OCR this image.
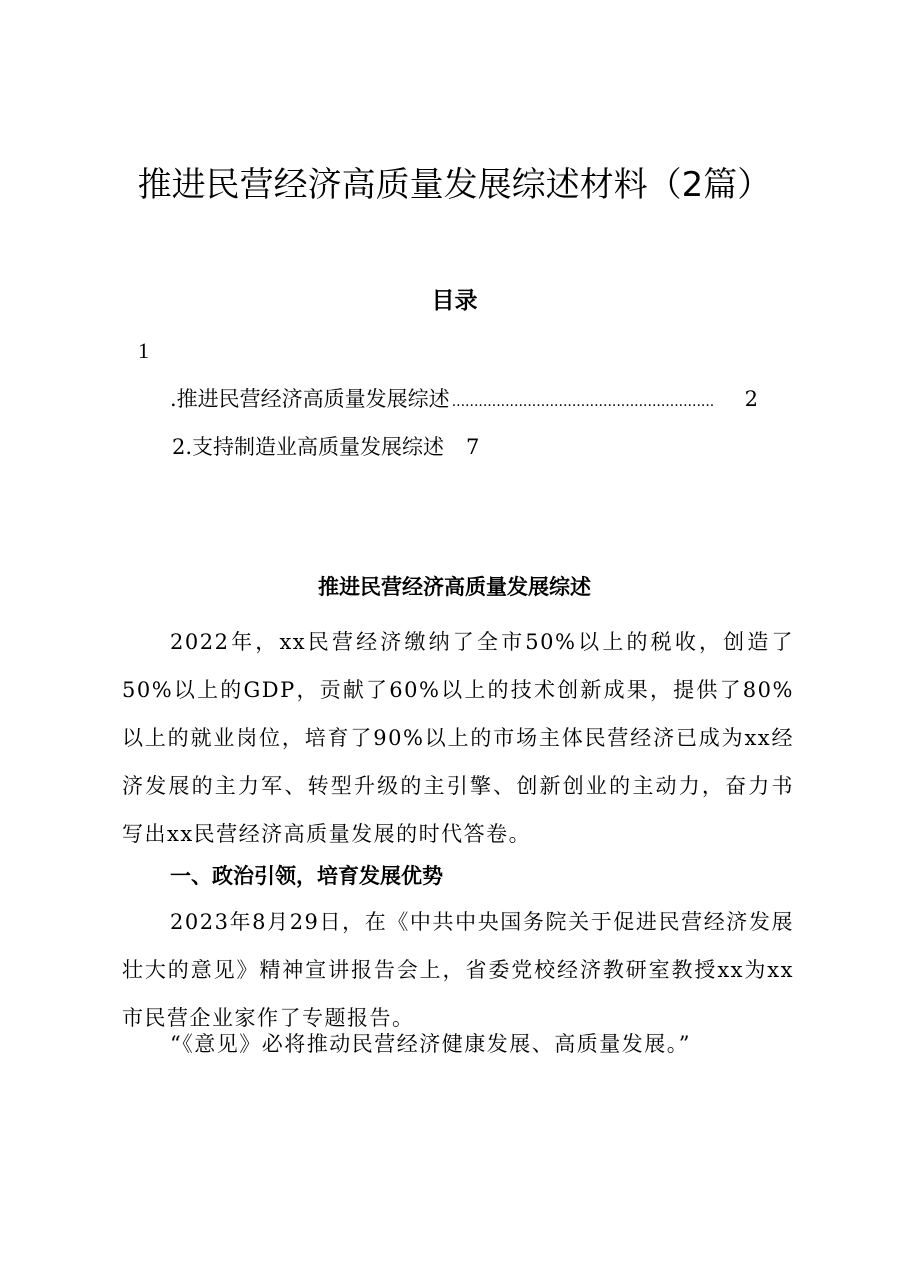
推进民营经济高质量发展综述材料（2篇）
目录
1
.推进民营经济高质量发展综述 ...........................................................	2
2.支持制造业高质量发展综述 7
推进民营经济高质量发展综述
2022年，xx民营经济缴纳了全市50%以上的税收，创造了50%以上的GDP，贡献了60%以上的技术创新成果，提供了80%以上的就业岗位，培育了90%以上的市场主体民营经济已成为xx经济发展的主力军、转型升级的主引擎、创新创业的主动力，奋力书写出xx民营经济高质量发展的时代答卷。
一、政治引领，培育发展优势
2023年8月29日，在《中共中央国务院关于促进民营经济发展壮大的意见》精神宣讲报告会上，省委党校经济教研室教授xx为xx市民营企业家作了专题报告。
“《意见》必将推动民营经济健康发展、高质量发展。”
